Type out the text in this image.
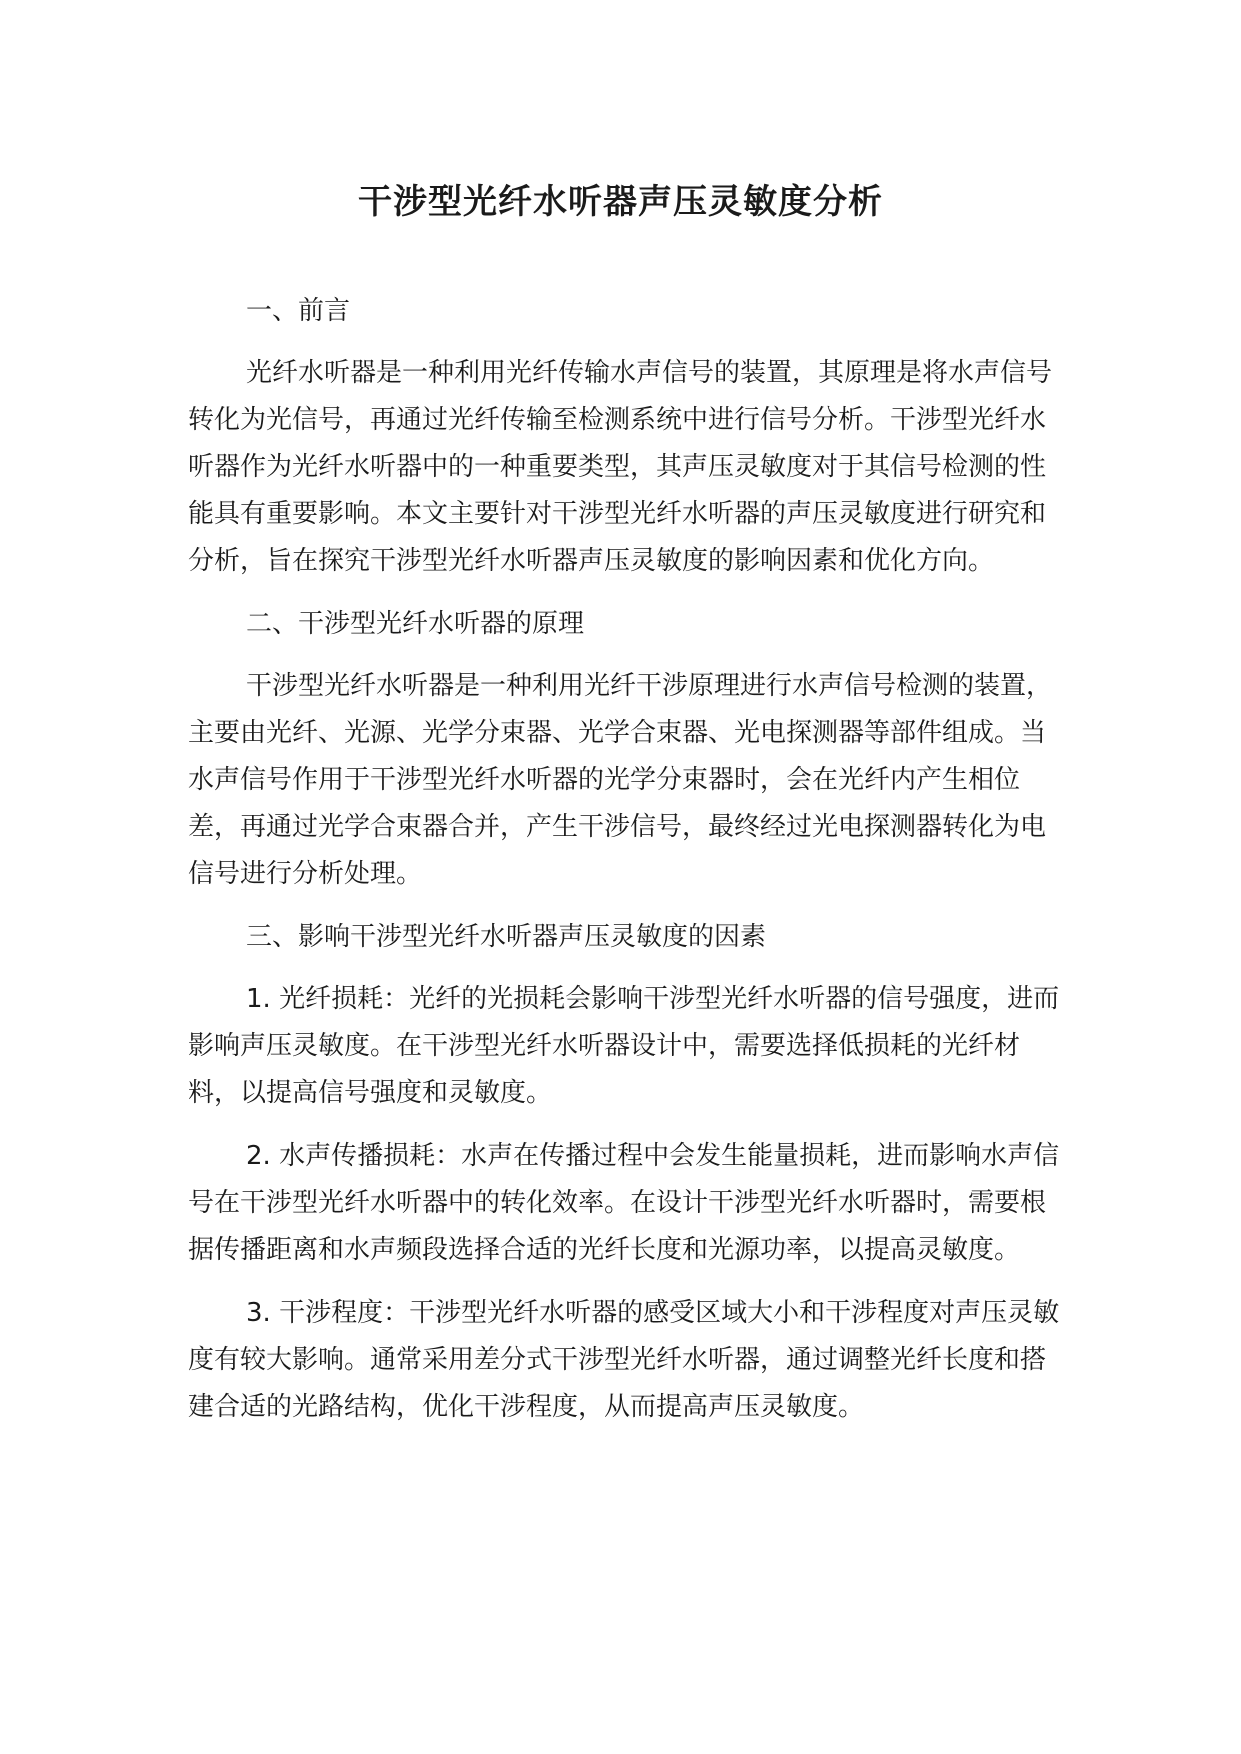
干涉型光纤水听器声压灵敏度分析

一、前言

光纤水听器是一种利用光纤传输水声信号的装置，其原理是将水声信号转化为光信号，再通过光纤传输至检测系统中进行信号分析。干涉型光纤水听器作为光纤水听器中的一种重要类型，其声压灵敏度对于其信号检测的性能具有重要影响。本文主要针对干涉型光纤水听器的声压灵敏度进行研究和分析，旨在探究干涉型光纤水听器声压灵敏度的影响因素和优化方向。

二、干涉型光纤水听器的原理

干涉型光纤水听器是一种利用光纤干涉原理进行水声信号检测的装置，主要由光纤、光源、光学分束器、光学合束器、光电探测器等部件组成。当水声信号作用于干涉型光纤水听器的光学分束器时，会在光纤内产生相位差，再通过光学合束器合并，产生干涉信号，最终经过光电探测器转化为电信号进行分析处理。

三、影响干涉型光纤水听器声压灵敏度的因素

1. 光纤损耗：光纤的光损耗会影响干涉型光纤水听器的信号强度，进而影响声压灵敏度。在干涉型光纤水听器设计中，需要选择低损耗的光纤材料，以提高信号强度和灵敏度。

2. 水声传播损耗：水声在传播过程中会发生能量损耗，进而影响水声信号在干涉型光纤水听器中的转化效率。在设计干涉型光纤水听器时，需要根据传播距离和水声频段选择合适的光纤长度和光源功率，以提高灵敏度。

3. 干涉程度：干涉型光纤水听器的感受区域大小和干涉程度对声压灵敏度有较大影响。通常采用差分式干涉型光纤水听器，通过调整光纤长度和搭建合适的光路结构，优化干涉程度，从而提高声压灵敏度。
